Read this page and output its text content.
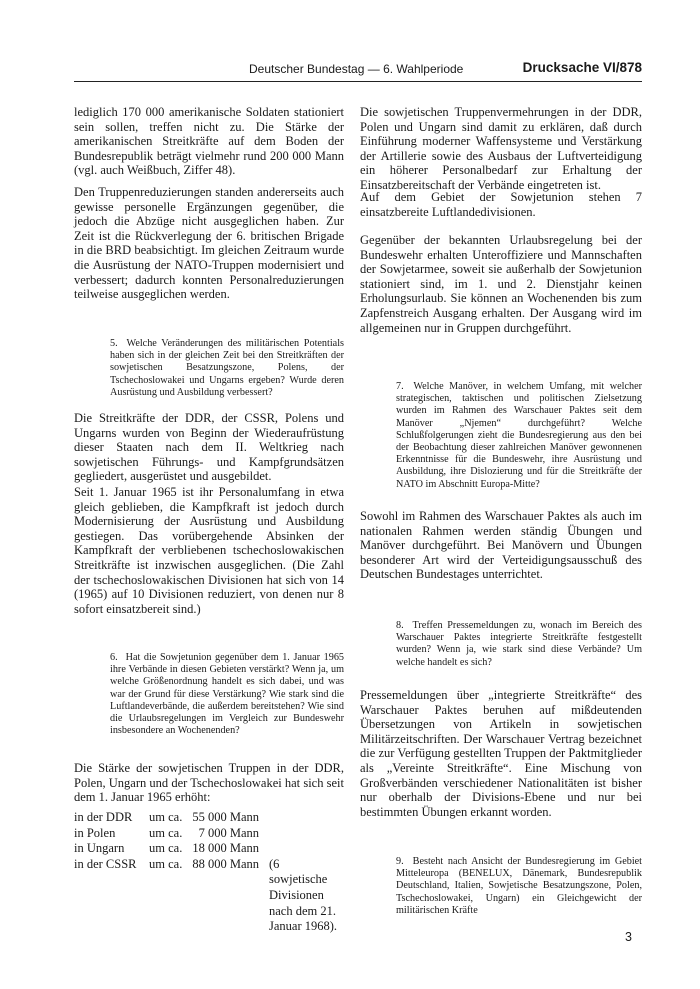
Deutscher Bundestag — 6. Wahlperiode	Drucksache VI/878

lediglich 170 000 amerikanische Soldaten stationiert sein sollen, treffen nicht zu. Die Stärke der amerikanischen Streitkräfte auf dem Boden der Bundesrepublik beträgt vielmehr rund 200 000 Mann (vgl. auch Weißbuch, Ziffer 48).

Den Truppenreduzierungen standen andererseits auch gewisse personelle Ergänzungen gegenüber, die jedoch die Abzüge nicht ausgeglichen haben. Zur Zeit ist die Rückverlegung der 6. britischen Brigade in die BRD beabsichtigt. Im gleichen Zeitraum wurde die Ausrüstung der NATO-Truppen modernisiert und verbessert; dadurch konnten Personalreduzierungen teilweise ausgeglichen werden.

5. Welche Veränderungen des militärischen Potentials haben sich in der gleichen Zeit bei den Streitkräften der sowjetischen Besatzungszone, Polens, der Tschechoslowakei und Ungarns ergeben? Wurde deren Ausrüstung und Ausbildung verbessert?

Die Streitkräfte der DDR, der CSSR, Polens und Ungarns wurden von Beginn der Wiederaufrüstung dieser Staaten nach dem II. Weltkrieg nach sowjetischen Führungs- und Kampfgrundsätzen gegliedert, ausgerüstet und ausgebildet.

Seit 1. Januar 1965 ist ihr Personalumfang in etwa gleich geblieben, die Kampfkraft ist jedoch durch Modernisierung der Ausrüstung und Ausbildung gestiegen. Das vorübergehende Absinken der Kampfkraft der verbliebenen tschechoslowakischen Streitkräfte ist inzwischen ausgeglichen. (Die Zahl der tschechoslowakischen Divisionen hat sich von 14 (1965) auf 10 Divisionen reduziert, von denen nur 8 sofort einsatzbereit sind.)

6. Hat die Sowjetunion gegenüber dem 1. Januar 1965 ihre Verbände in diesen Gebieten verstärkt? Wenn ja, um welche Größenordnung handelt es sich dabei, und was war der Grund für diese Verstärkung? Wie stark sind die Luftlandeverbände, die außerdem bereitstehen? Wie sind die Urlaubsregelungen im Vergleich zur Bundeswehr insbesondere an Wochenenden?

Die Stärke der sowjetischen Truppen in der DDR, Polen, Ungarn und der Tschechoslowakei hat sich seit dem 1. Januar 1965 erhöht:

in der DDR	um ca.	55 000 Mann	
in Polen	um ca.	7 000 Mann	
in Ungarn	um ca.	18 000 Mann	
in der CSSR	um ca.	88 000 Mann	(6 sowjetische Divisionen nach dem 21. Januar 1968).

Die sowjetischen Truppenvermehrungen in der DDR, Polen und Ungarn sind damit zu erklären, daß durch Einführung moderner Waffensysteme und Verstärkung der Artillerie sowie des Ausbaus der Luftverteidigung ein höherer Personalbedarf zur Erhaltung der Einsatzbereitschaft der Verbände eingetreten ist.

Auf dem Gebiet der Sowjetunion stehen 7 einsatzbereite Luftlandedivisionen.

Gegenüber der bekannten Urlaubsregelung bei der Bundeswehr erhalten Unteroffiziere und Mannschaften der Sowjetarmee, soweit sie außerhalb der Sowjetunion stationiert sind, im 1. und 2. Dienstjahr keinen Erholungsurlaub. Sie können an Wochenenden bis zum Zapfenstreich Ausgang erhalten. Der Ausgang wird im allgemeinen nur in Gruppen durchgeführt.

7. Welche Manöver, in welchem Umfang, mit welcher strategischen, taktischen und politischen Zielsetzung wurden im Rahmen des Warschauer Paktes seit dem Manöver „Njemen“ durchgeführt? Welche Schlußfolgerungen zieht die Bundesregierung aus den bei der Beobachtung dieser zahlreichen Manöver gewonnenen Erkenntnisse für die Bundeswehr, ihre Ausrüstung und Ausbildung, ihre Dislozierung und für die Streitkräfte der NATO im Abschnitt Europa-Mitte?

Sowohl im Rahmen des Warschauer Paktes als auch im nationalen Rahmen werden ständig Übungen und Manöver durchgeführt. Bei Manövern und Übungen besonderer Art wird der Verteidigungsausschuß des Deutschen Bundestages unterrichtet.

8. Treffen Pressemeldungen zu, wonach im Bereich des Warschauer Paktes integrierte Streitkräfte festgestellt wurden? Wenn ja, wie stark sind diese Verbände? Um welche handelt es sich?

Pressemeldungen über „integrierte Streitkräfte“ des Warschauer Paktes beruhen auf mißdeutenden Übersetzungen von Artikeln in sowjetischen Militärzeitschriften. Der Warschauer Vertrag bezeichnet die zur Verfügung gestellten Truppen der Paktmitglieder als „Vereinte Streitkräfte“. Eine Mischung von Großverbänden verschiedener Nationalitäten ist bisher nur oberhalb der Divisions-Ebene und nur bei bestimmten Übungen erkannt worden.

9. Besteht nach Ansicht der Bundesregierung im Gebiet Mitteleuropa (BENELUX, Dänemark, Bundesrepublik Deutschland, Italien, Sowjetische Besatzungszone, Polen, Tschechoslowakei, Ungarn) ein Gleichgewicht der militärischen Kräfte
3
